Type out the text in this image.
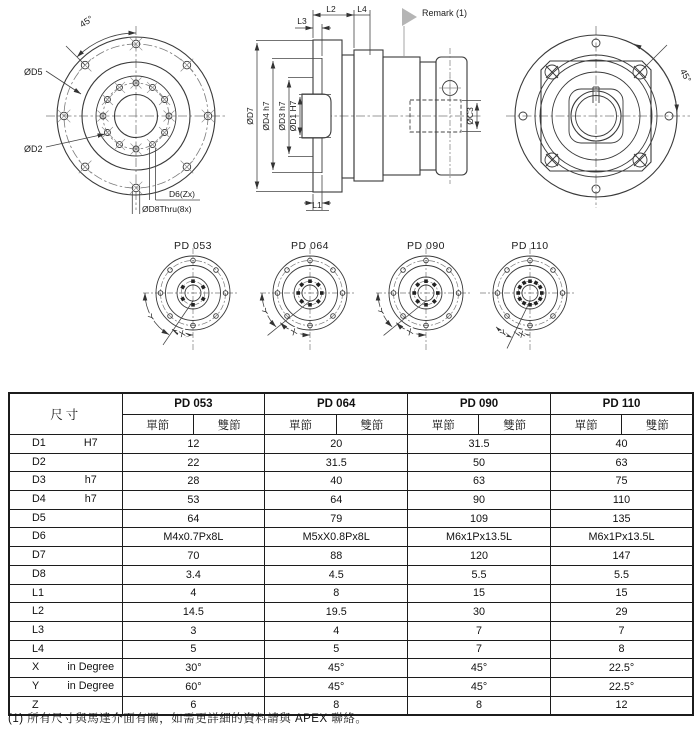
45°
ØD5
ØD2
D6(Zx)
ØD8Thru(8x)
ØD7 ØD4 h7 ØD3 h7 ØD1 H7
L2	L4
L3
L1
Remark (1)
ØC3
45°
PD 053	PD 064	PD 090	PD 110
X
Y
X
Y
X
Y
X
Y
尺寸	PD 053		PD 064		PD 090		PD 110	
	單節	雙節	單節	雙節	單節	雙節	單節	雙節

D1 H7	12		20		31.5		40	

D2	22		31.5		50		63	

D3 h7	28		40		63		75	

D4 h7	53		64		90		110	

D5	64		79		109		135	

D6	M4x0.7Px8L		M5xX0.8Px8L		M6x1Px13.5L		M6x1Px13.5L	

D7	70		88		120		147	

D8	3.4		4.5		5.5		5.5	

L1	4		8		15		15	

L2	14.5		19.5		30		29	

L3	3		4		7		7	

L4	5		5		7		8	

X in Degree	30°		45°		45°		22.5°	

Y in Degree	60°		45°		45°		22.5°	

Z	6		8		8		12	
(1) 所有尺寸與馬達介面有關，如需更詳細的資料請與 APEX 聯絡。
